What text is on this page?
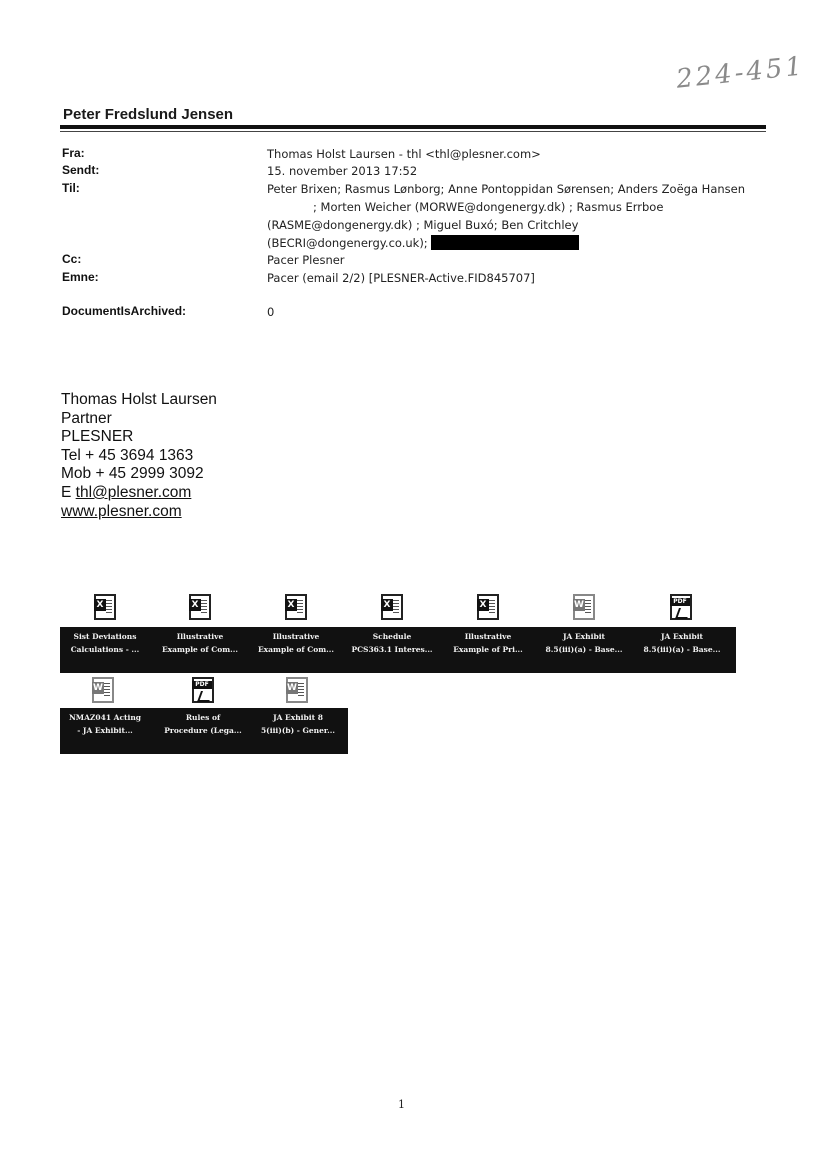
224-451
Peter Fredslund Jensen
Fra:	Thomas Holst Laursen - thl <thl@plesner.com>
Sendt:	15. november 2013 17:52
Til:	Peter Brixen; Rasmus Lønborg; Anne Pontoppidan Sørensen; Anders Zoëga Hansen
; Morten Weicher (MORWE@dongenergy.dk) ; Rasmus Errboe
(RASME@dongenergy.dk) ; Miguel Buxó; Ben Critchley
(BECRI@dongenergy.co.uk);
Cc:	Pacer Plesner
Emne:	Pacer (email 2/2) [PLESNER-Active.FID845707]
DocumentIsArchived:	0
Thomas Holst Laursen
Partner
PLESNER
Tel + 45 3694 1363
Mob + 45 2999 3092
E thl@plesner.com
www.plesner.com
X	X	X	X	X	W	PDF
Sist Deviations
Calculations - ...
Illustrative
Example of Com...
Illustrative
Example of Com...
Schedule
PCS363.1 Interes...
Illustrative
Example of Pri...
JA Exhibit
8.5(iii)(a) - Base...
JA Exhibit
8.5(iii)(a) - Base...
W	PDF	W
NMAZ041 Acting
- JA Exhibit...
Rules of
Procedure (Lega...
JA Exhibit 8
5(iii)(b) - Gener...
1
